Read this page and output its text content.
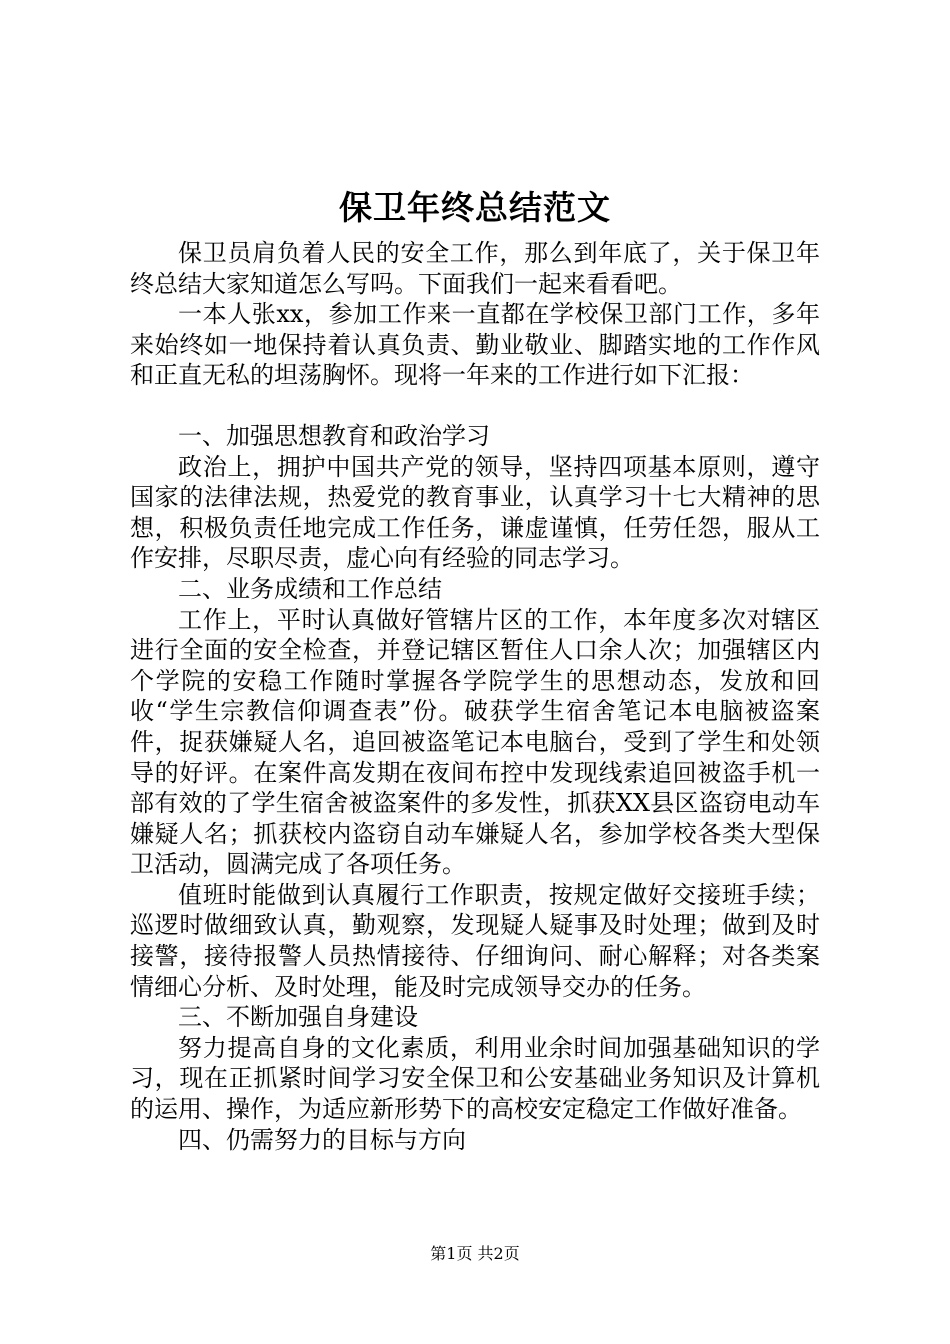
保卫年终总结范文

保卫员肩负着人民的安全工作，那么到年底了，关于保卫年终总结大家知道怎么写吗。下面我们一起来看看吧。

一本人张xx，参加工作来一直都在学校保卫部门工作，多年来始终如一地保持着认真负责、勤业敬业、脚踏实地的工作作风和正直无私的坦荡胸怀。现将一年来的工作进行如下汇报：

一、加强思想教育和政治学习

政治上，拥护中国共产党的领导，坚持四项基本原则，遵守国家的法律法规，热爱党的教育事业，认真学习十七大精神的思想，积极负责任地完成工作任务，谦虚谨慎，任劳任怨，服从工作安排，尽职尽责，虚心向有经验的同志学习。

二、业务成绩和工作总结

工作上，平时认真做好管辖片区的工作，本年度多次对辖区进行全面的安全检查，并登记辖区暂住人口余人次；加强辖区内个学院的安稳工作随时掌握各学院学生的思想动态，发放和回收“学生宗教信仰调查表”份。破获学生宿舍笔记本电脑被盗案件，捉获嫌疑人名，追回被盗笔记本电脑台，受到了学生和处领导的好评。在案件高发期在夜间布控中发现线索追回被盗手机一部有效的了学生宿舍被盗案件的多发性，抓获XX县区盗窃电动车嫌疑人名；抓获校内盗窃自动车嫌疑人名，参加学校各类大型保卫活动，圆满完成了各项任务。

值班时能做到认真履行工作职责，按规定做好交接班手续；巡逻时做细致认真，勤观察，发现疑人疑事及时处理；做到及时接警，接待报警人员热情接待、仔细询问、耐心解释；对各类案情细心分析、及时处理，能及时完成领导交办的任务。

三、不断加强自身建设

努力提高自身的文化素质，利用业余时间加强基础知识的学习，现在正抓紧时间学习安全保卫和公安基础业务知识及计算机的运用、操作，为适应新形势下的高校安定稳定工作做好准备。

四、仍需努力的目标与方向

第1页 共2页
